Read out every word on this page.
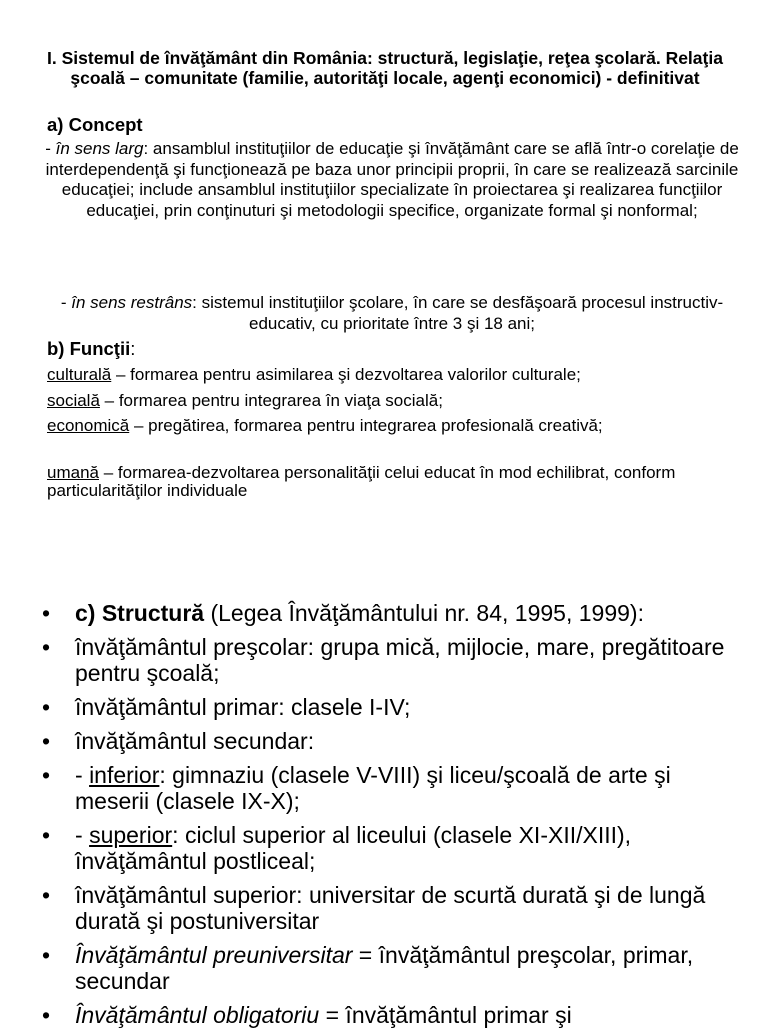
I. Sistemul de învăţământ din România: structură, legislaţie, reţea şcolară. Relaţia şcoală – comunitate (familie, autorităţi locale, agenţi economici) - definitivat
a) Concept
- în sens larg: ansamblul instituţiilor de educaţie şi învăţământ care se află într-o corelaţie de interdependenţă şi funcţionează pe baza unor principii proprii, în care se realizează sarcinile educaţiei; include ansamblul instituţiilor specializate în proiectarea şi realizarea funcţiilor educaţiei, prin conţinuturi şi metodologii specifice, organizate formal şi nonformal;
- în sens restrâns: sistemul instituţiilor şcolare, în care se desfăşoară procesul instructiv-educativ, cu prioritate între 3 şi 18 ani;
b) Funcţii:
culturală – formarea pentru asimilarea şi dezvoltarea valorilor culturale;
socială – formarea pentru integrarea în viaţa socială;
economică – pregătirea, formarea pentru integrarea profesională creativă;
umană – formarea-dezvoltarea personalităţii celui educat în mod echilibrat, conform particularităţilor individuale
• c) Structură (Legea Învăţământului nr. 84, 1995, 1999):
• învăţământul preşcolar: grupa mică, mijlocie, mare, pregătitoare pentru şcoală;
• învăţământul primar: clasele I-IV;
• învăţământul secundar:
• - inferior: gimnaziu (clasele V-VIII) şi liceu/şcoală de arte şi meserii (clasele IX-X);
• - superior: ciclul superior al liceului (clasele XI-XII/XIII), învăţământul postliceal;
• învăţământul superior: universitar de scurtă durată şi de lungă durată şi postuniversitar
• Învăţământul preuniversitar = învăţământul preşcolar, primar, secundar
• Învăţământul obligatoriu = învăţământul primar şi
